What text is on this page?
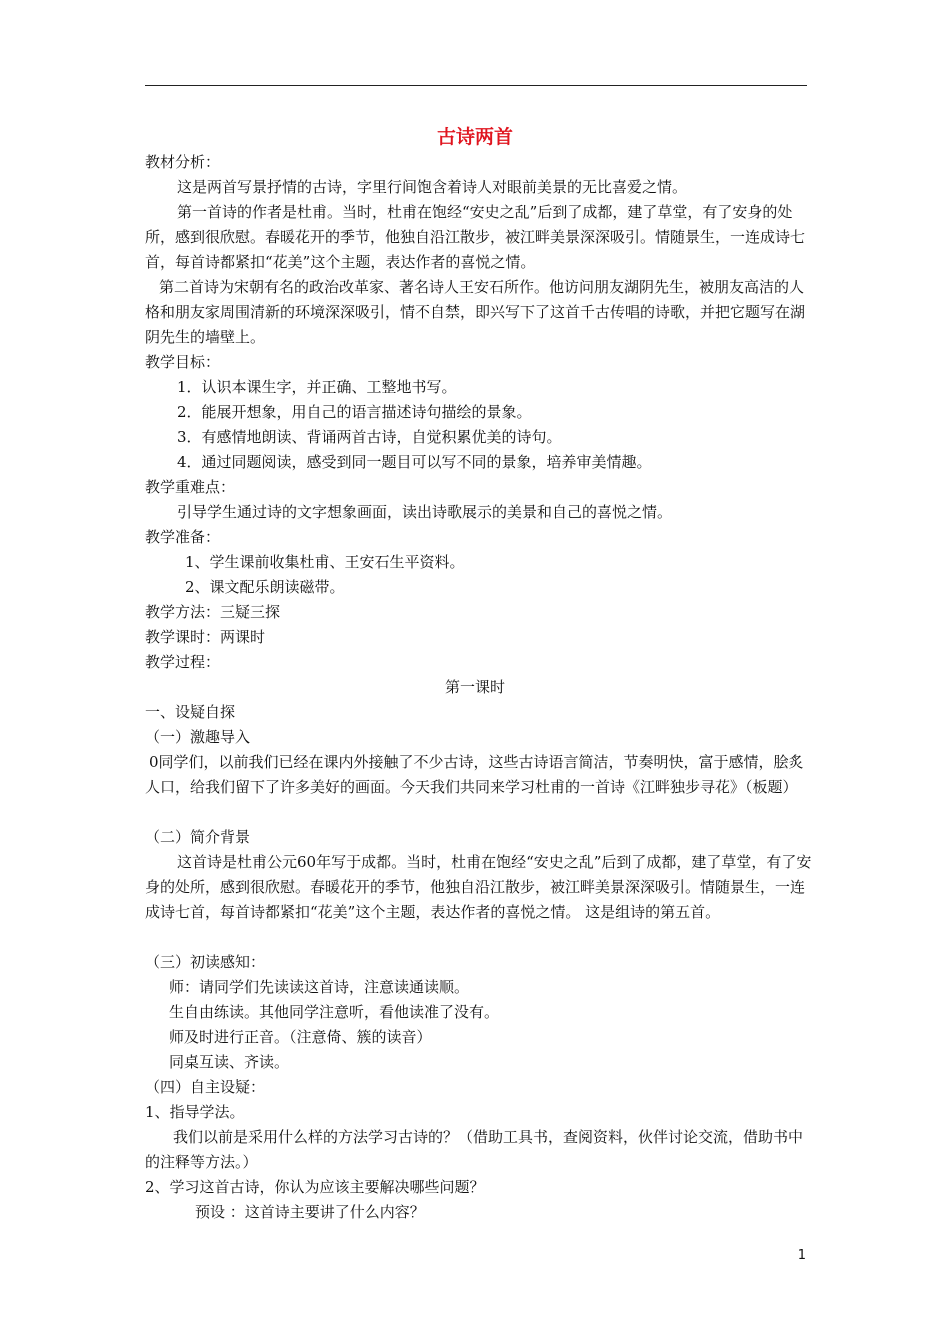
古诗两首

教材分析：

这是两首写景抒情的古诗，字里行间饱含着诗人对眼前美景的无比喜爱之情。

第一首诗的作者是杜甫。当时，杜甫在饱经“安史之乱”后到了成都，建了草堂，有了安身的处所，感到很欣慰。春暖花开的季节，他独自沿江散步，被江畔美景深深吸引。情随景生，一连成诗七首，每首诗都紧扣“花美”这个主题，表达作者的喜悦之情。

第二首诗为宋朝有名的政治改革家、著名诗人王安石所作。他访问朋友湖阴先生，被朋友高洁的人格和朋友家周围清新的环境深深吸引，情不自禁，即兴写下了这首千古传唱的诗歌，并把它题写在湖阴先生的墙壁上。

教学目标：

1．认识本课生字，并正确、工整地书写。

2．能展开想象，用自己的语言描述诗句描绘的景象。

3．有感情地朗读、背诵两首古诗，自觉积累优美的诗句。

4．通过同题阅读，感受到同一题目可以写不同的景象，培养审美情趣。

教学重难点：

引导学生通过诗的文字想象画面，读出诗歌展示的美景和自己的喜悦之情。

教学准备：

1、学生课前收集杜甫、王安石生平资料。

2、课文配乐朗读磁带。

教学方法：三疑三探

教学课时：两课时

教学过程：

第一课时

一、设疑自探

（一）激趣导入

0同学们，以前我们已经在课内外接触了不少古诗，这些古诗语言简洁，节奏明快，富于感情，脍炙人口，给我们留下了许多美好的画面。今天我们共同来学习杜甫的一首诗《江畔独步寻花》（板题）

（二）简介背景

这首诗是杜甫公元60年写于成都。当时，杜甫在饱经“安史之乱”后到了成都，建了草堂，有了安身的处所，感到很欣慰。春暖花开的季节，他独自沿江散步，被江畔美景深深吸引。情随景生，一连成诗七首，每首诗都紧扣“花美”这个主题，表达作者的喜悦之情。 这是组诗的第五首。

（三）初读感知：

师：请同学们先读读这首诗，注意读通读顺。

生自由练读。其他同学注意听，看他读准了没有。

师及时进行正音。（注意倚、簇的读音）

同桌互读、齐读。

（四）自主设疑：

1、指导学法。

我们以前是采用什么样的方法学习古诗的？（借助工具书，查阅资料，伙伴讨论交流，借助书中的注释等方法。）

2、学习这首古诗，你认为应该主要解决哪些问题？

预设 ：这首诗主要讲了什么内容？

1
